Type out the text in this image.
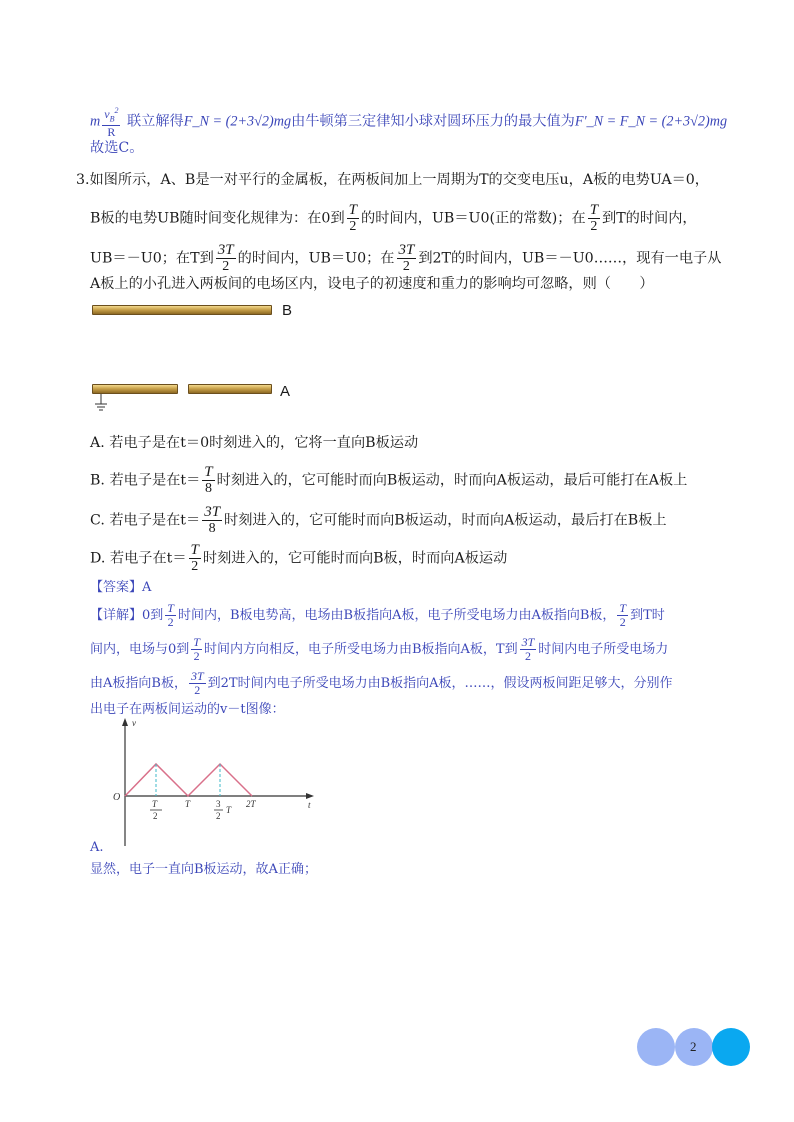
m $\frac{v_B^2}{R}$ 联立解得F_N = (2+3√2)mg由牛顿第三定律知小球对圆环压力的最大值为F'_N = F_N = (2+3√2)mg
故选C。
3.如图所示，A、B是一对平行的金属板，在两板间加上一周期为T的交变电压u，A板的电势UA＝0，
B板的电势UB随时间变化规律为：在0到 $\frac{T}{2}$ 的时间内，UB＝U0(正的常数)；在 $\frac{T}{2}$ 到T的时间内，
UB＝－U0；在T到 $\frac{3T}{2}$ 的时间内，UB＝U0；在 $\frac{3T}{2}$ 到2T的时间内，UB＝－U0……，现有一电子从
A板上的小孔进入两板间的电场区内，设电子的初速度和重力的影响均可忽略，则（　　）
B
A
A. 若电子是在t＝0时刻进入的，它将一直向B板运动
B. 若电子是在$t= \frac{T}{8}$ 时刻进入的，它可能时而向B板运动，时而向A板运动，最后可能打在A板上
C. 若电子是在$t= \frac{3T}{8}$ 时刻进入的，它可能时而向B板运动，时而向A板运动，最后打在B板上
D. 若电子在$t= \frac{T}{2}$ 时刻进入的，它可能时而向B板，时而向A板运动
【答案】A
【详解】0到 $\frac{T}{2}$ 时间内，B板电势高，电场由B板指向A板，电子所受电场力由A板指向B板， $\frac{T}{2}$ 到T时
间内，电场与0到 $\frac{T}{2}$ 时间内方向相反，电子所受电场力由B板指向A板，T到 $\frac{3T}{2}$ 时间内电子所受电场力
由A板指向B板， $\frac{3T}{2}$ 到2T时间内电子所受电场力由B板指向A板，……，假设两板间距足够大，分别作
出电子在两板间运动的v－t图像：
v
t
O
T
2
T	3
2
T
2T
A.
显然，电子一直向B板运动，故A正确；
2
